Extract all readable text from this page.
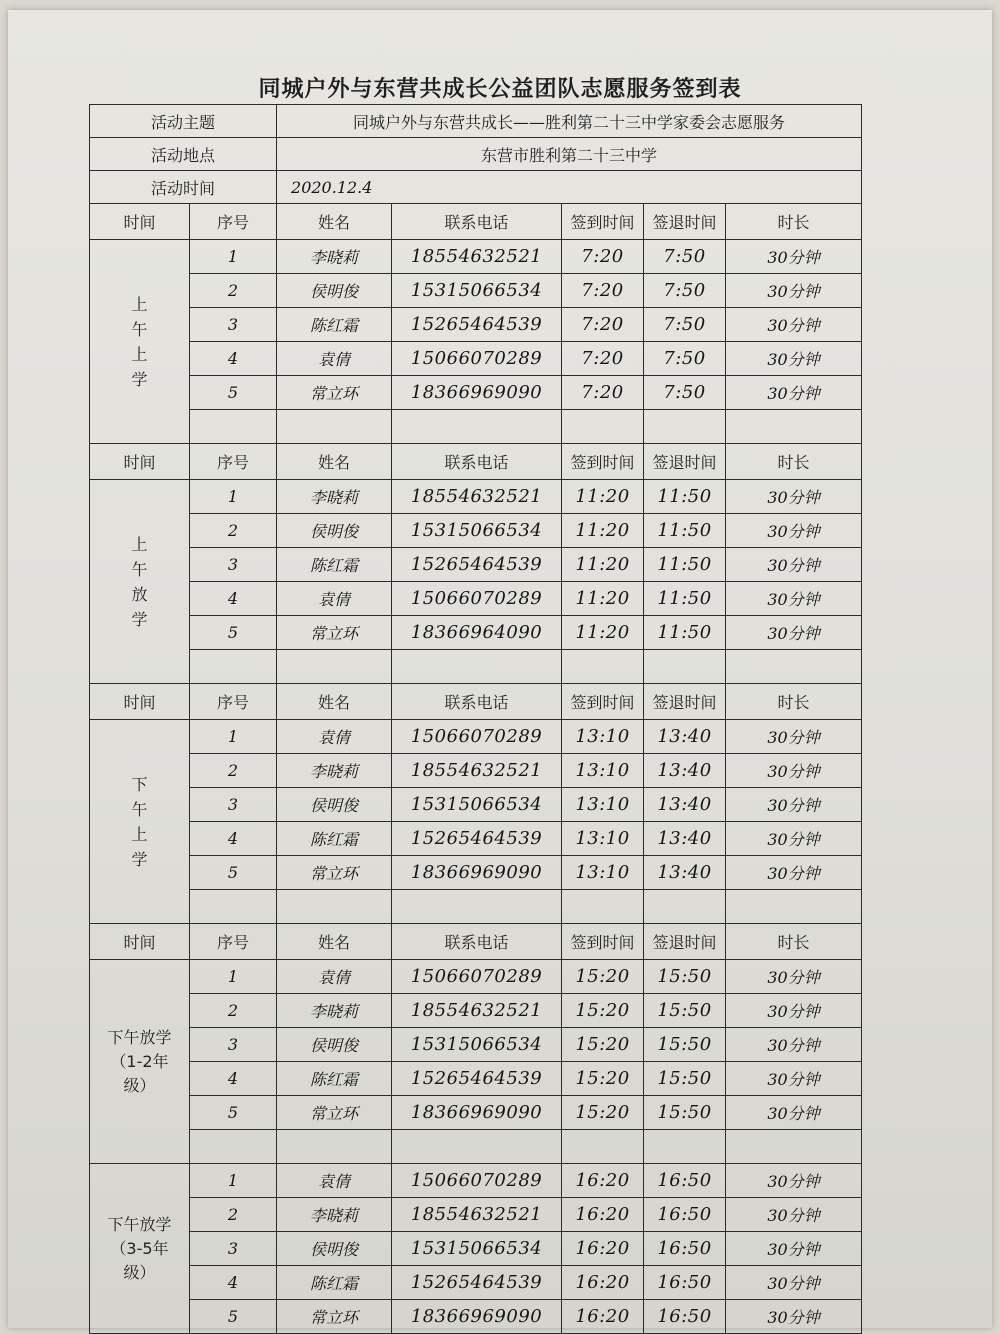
同城户外与东营共成长公益团队志愿服务签到表
活动主题		同城户外与东营共成长——胜利第二十三中学家委会志愿服务				
活动地点		东营市胜利第二十三中学				
活动时间		2020.12.4				
时间	序号	姓名	联系电话	签到时间	签退时间	时长

上
午
上
学	1	李晓莉	18554632521	7:20	7:50	30分钟
	2	侯明俊	15315066534	7:20	7:50	30分钟
	3	陈红霜	15265464539	7:20	7:50	30分钟
	4	袁倩	15066070289	7:20	7:50	30分钟
	5	常立环	18366969090	7:20	7:50	30分钟

时间	序号	姓名	联系电话	签到时间	签退时间	时长

上
午
放
学	1	李晓莉	18554632521	11:20	11:50	30分钟
	2	侯明俊	15315066534	11:20	11:50	30分钟
	3	陈红霜	15265464539	11:20	11:50	30分钟
	4	袁倩	15066070289	11:20	11:50	30分钟
	5	常立环	18366964090	11:20	11:50	30分钟

时间	序号	姓名	联系电话	签到时间	签退时间	时长

下
午
上
学	1	袁倩	15066070289	13:10	13:40	30分钟
	2	李晓莉	18554632521	13:10	13:40	30分钟
	3	侯明俊	15315066534	13:10	13:40	30分钟
	4	陈红霜	15265464539	13:10	13:40	30分钟
	5	常立环	18366969090	13:10	13:40	30分钟

时间	序号	姓名	联系电话	签到时间	签退时间	时长

下午放学
（1-2年
级）	1	袁倩	15066070289	15:20	15:50	30分钟
	2	李晓莉	18554632521	15:20	15:50	30分钟
	3	侯明俊	15315066534	15:20	15:50	30分钟
	4	陈红霜	15265464539	15:20	15:50	30分钟
	5	常立环	18366969090	15:20	15:50	30分钟

下午放学
（3-5年
级）	1	袁倩	15066070289	16:20	16:50	30分钟
	2	李晓莉	18554632521	16:20	16:50	30分钟
	3	侯明俊	15315066534	16:20	16:50	30分钟
	4	陈红霜	15265464539	16:20	16:50	30分钟
	5	常立环	18366969090	16:20	16:50	30分钟
